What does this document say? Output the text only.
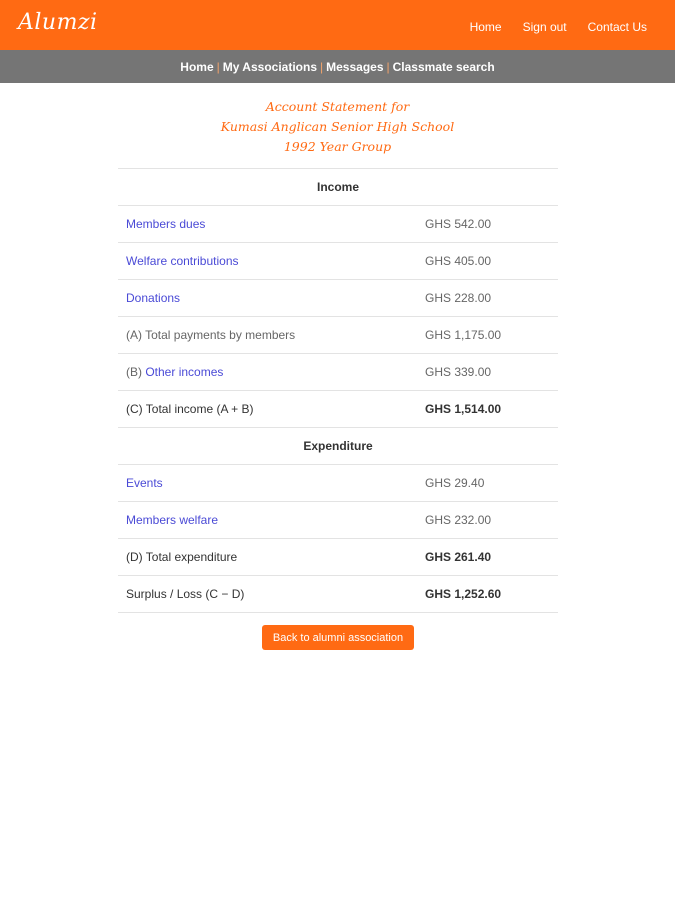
Alumzi	Home Sign out Contact Us
Home | My Associations | Messages | Classmate search
Account Statement for
Kumasi Anglican Senior High School
1992 Year Group
Income	
Members dues	GHS 542.00
Welfare contributions	GHS 405.00
Donations	GHS 228.00
(A) Total payments by members	GHS 1,175.00
(B) Other incomes	GHS 339.00
(C) Total income (A + B)	GHS 1,514.00
Expenditure	
Events	GHS 29.40
Members welfare	GHS 232.00
(D) Total expenditure	GHS 261.40
Surplus / Loss (C − D)	GHS 1,252.60
Back to alumni association
